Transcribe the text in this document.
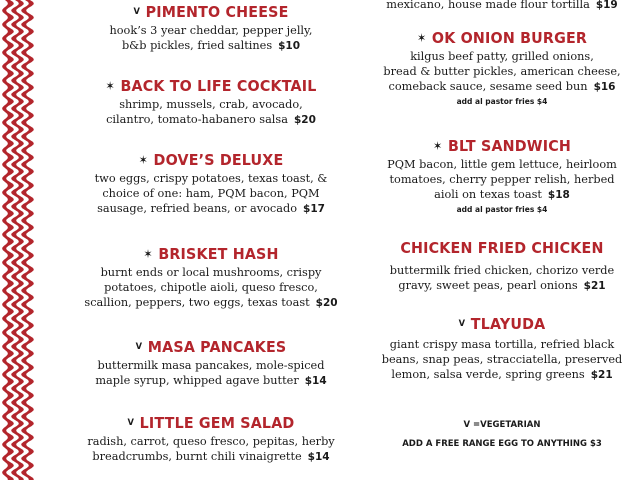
V PIMENTO CHEESE
hook’s 3 year cheddar, pepper jelly,
b&b pickles, fried saltines $10
✶ BACK TO LIFE COCKTAIL
shrimp, mussels, crab, avocado,
cilantro, tomato-habanero salsa $20
✶ DOVE’S DELUXE
two eggs, crispy potatoes, texas toast, &
choice of one: ham, PQM bacon, PQM
sausage, refried beans, or avocado $17
✶ BRISKET HASH
burnt ends or local mushrooms, crispy
potatoes, chipotle aioli, queso fresco,
scallion, peppers, two eggs, texas toast $20
V MASA PANCAKES
buttermilk masa pancakes, mole-spiced
maple syrup, whipped agave butter $14
V LITTLE GEM SALAD
radish, carrot, queso fresco, pepitas, herby
breadcrumbs, burnt chili vinaigrette $14
mexicano, house made flour tortilla $19
✶ OK ONION BURGER
kilgus beef patty, grilled onions,
bread & butter pickles, american cheese,
comeback sauce, sesame seed bun $16
add al pastor fries $4
✶ BLT SANDWICH
PQM bacon, little gem lettuce, heirloom
tomatoes, cherry pepper relish, herbed
aioli on texas toast $18
add al pastor fries $4
CHICKEN FRIED CHICKEN
buttermilk fried chicken, chorizo verde
gravy, sweet peas, pearl onions $21
V TLAYUDA
giant crispy masa tortilla, refried black
beans, snap peas, stracciatella, preserved
lemon, salsa verde, spring greens $21
V =VEGETARIAN
ADD A FREE RANGE EGG TO ANYTHING $3
